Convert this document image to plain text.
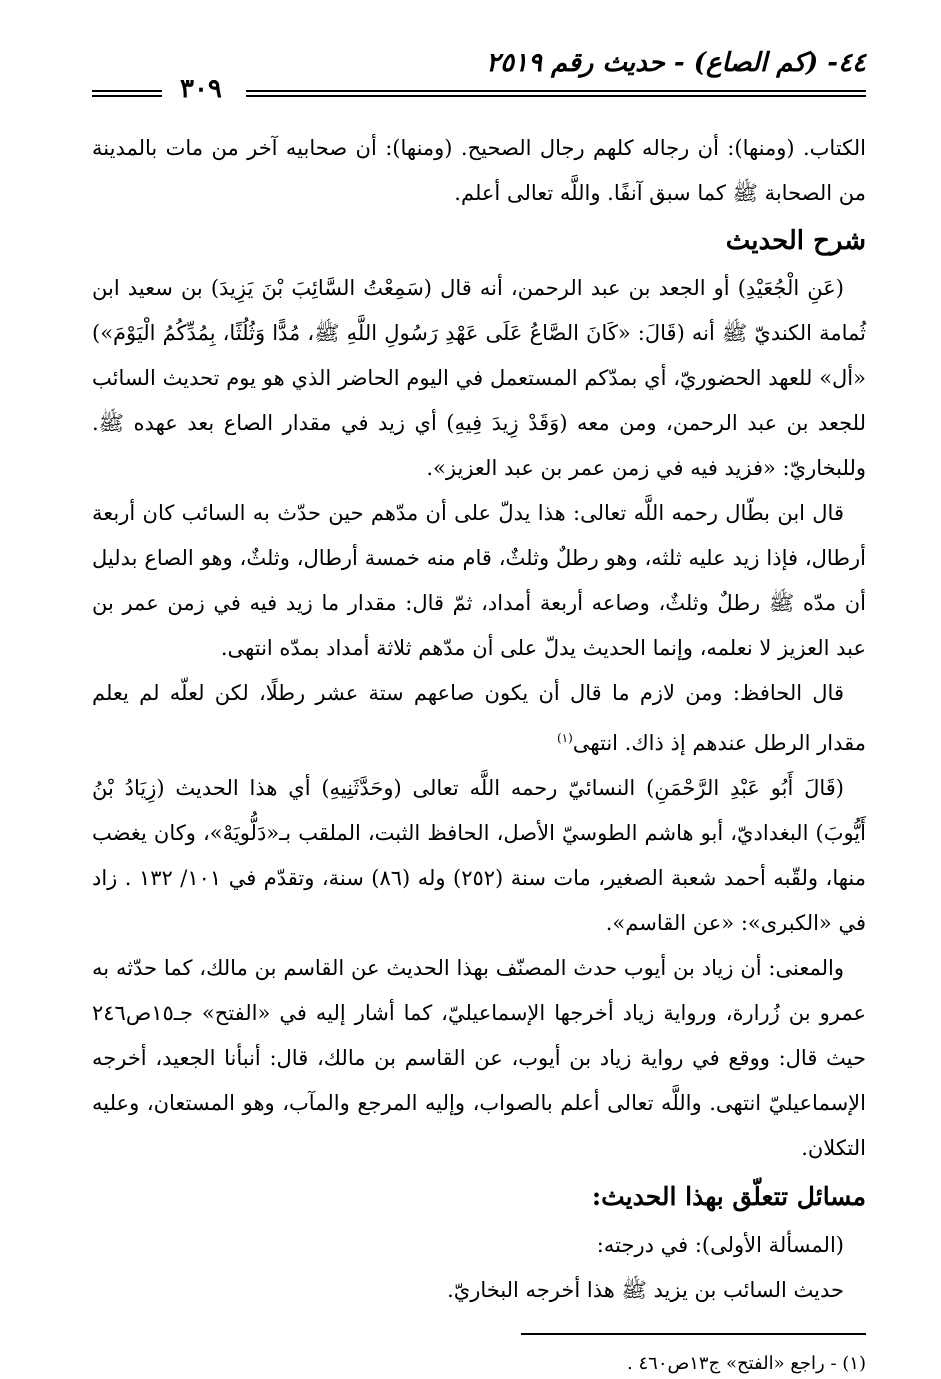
٤٤- (كم الصاع) - حديث رقم ٢٥١٩
٣٠٩

الكتاب. (ومنها): أن رجاله كلهم رجال الصحيح. (ومنها): أن صحابيه آخر من مات بالمدينة من الصحابة ﷺ كما سبق آنفًا. واللَّه تعالى أعلم.

شرح الحديث

(عَنِ الْجُعَيْدِ) أو الجعد بن عبد الرحمن، أنه قال (سَمِعْتُ السَّائِبَ بْنَ يَزِيدَ) بن سعيد ابن ثُمامة الكنديّ ﷺ أنه (قَالَ: «كَانَ الصَّاعُ عَلَى عَهْدِ رَسُولِ اللَّهِ ﷺ، مُدًّا وَثُلُثًا، بِمُدِّكُمُ الْيَوْمَ») «أل» للعهد الحضوريّ، أي بمدّكم المستعمل في اليوم الحاضر الذي هو يوم تحديث السائب للجعد بن عبد الرحمن، ومن معه (وَقَدْ زِيدَ فِيهِ) أي زيد في مقدار الصاع بعد عهده ﷺ. وللبخاريّ: «فزيد فيه في زمن عمر بن عبد العزيز».

قال ابن بطّال رحمه اللَّه تعالى: هذا يدلّ على أن مدّهم حين حدّث به السائب كان أربعة أرطال، فإذا زيد عليه ثلثه، وهو رطلٌ وثلثٌ، قام منه خمسة أرطال، وثلثٌ، وهو الصاع بدليل أن مدّه ﷺ رطلٌ وثلثٌ، وصاعه أربعة أمداد، ثمّ قال: مقدار ما زيد فيه في زمن عمر بن عبد العزيز لا نعلمه، وإنما الحديث يدلّ على أن مدّهم ثلاثة أمداد بمدّه انتهى.

قال الحافظ: ومن لازم ما قال أن يكون صاعهم ستة عشر رطلًا، لكن لعلّه لم يعلم مقدار الرطل عندهم إذ ذاك. انتهى$^{(١)}$

(قَالَ أَبُو عَبْدِ الرَّحْمَنِ) النسائيّ رحمه اللَّه تعالى (وحَدَّثَنِيهِ) أي هذا الحديث (زِيَادُ بْنُ أَيُّوبَ) البغداديّ، أبو هاشم الطوسيّ الأصل، الحافظ الثبت، الملقب بـ«دَلُّويَهْ»، وكان يغضب منها، ولقّبه أحمد شعبة الصغير، مات سنة (٢٥٢) وله (٨٦) سنة، وتقدّم في ١٠١/ ١٣٢ . زاد في «الكبرى»: «عن القاسم».

والمعنى: أن زياد بن أيوب حدث المصنّف بهذا الحديث عن القاسم بن مالك، كما حدّثه به عمرو بن زُرارة، ورواية زياد أخرجها الإسماعيليّ، كما أشار إليه في «الفتح» جـ١٥ص٢٤٦ حيث قال: ووقع في رواية زياد بن أيوب، عن القاسم بن مالك، قال: أنبأنا الجعيد، أخرجه الإسماعيليّ انتهى. واللَّه تعالى أعلم بالصواب، وإليه المرجع والمآب، وهو المستعان، وعليه التكلان.

مسائل تتعلّق بهذا الحديث:

(المسألة الأولى): في درجته:

حديث السائب بن يزيد ﷺ هذا أخرجه البخاريّ.

(١) - راجع «الفتح» ج١٣ص٤٦٠ .
